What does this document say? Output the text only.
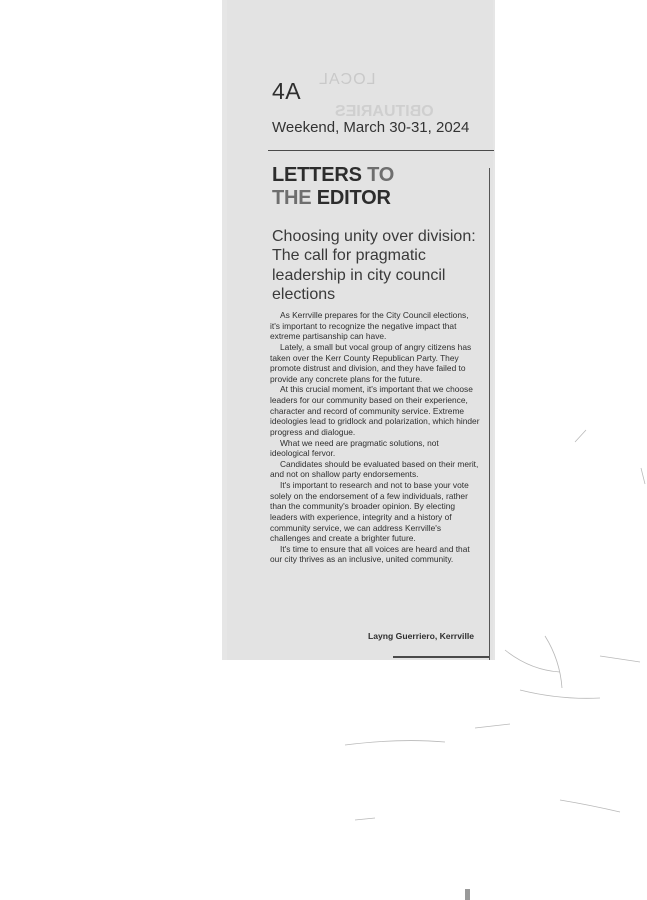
LOCAL
OBITUARIES
4A
Weekend, March 30-31, 2024
LETTERS TO
THE EDITOR
Choosing unity over division: The call for pragmatic leadership in city council elections

As Kerrville prepares for the City Council elections, it's important to recognize the negative impact that extreme partisanship can have.

Lately, a small but vocal group of angry citizens has taken over the Kerr County Republican Party. They promote distrust and division, and they have failed to provide any concrete plans for the future.

At this crucial moment, it's important that we choose leaders for our community based on their experience, character and record of community service. Extreme ideologies lead to gridlock and polarization, which hinder progress and dialogue.

What we need are pragmatic solutions, not ideological fervor.

Candidates should be evaluated based on their merit, and not on shallow party endorsements.

It's important to research and not to base your vote solely on the endorsement of a few individuals, rather than the community's broader opinion. By electing leaders with experience, integrity and a history of community service, we can address Kerrville's challenges and create a brighter future.

It's time to ensure that all voices are heard and that our city thrives as an inclusive, united community.

Layng Guerriero, Kerrville
